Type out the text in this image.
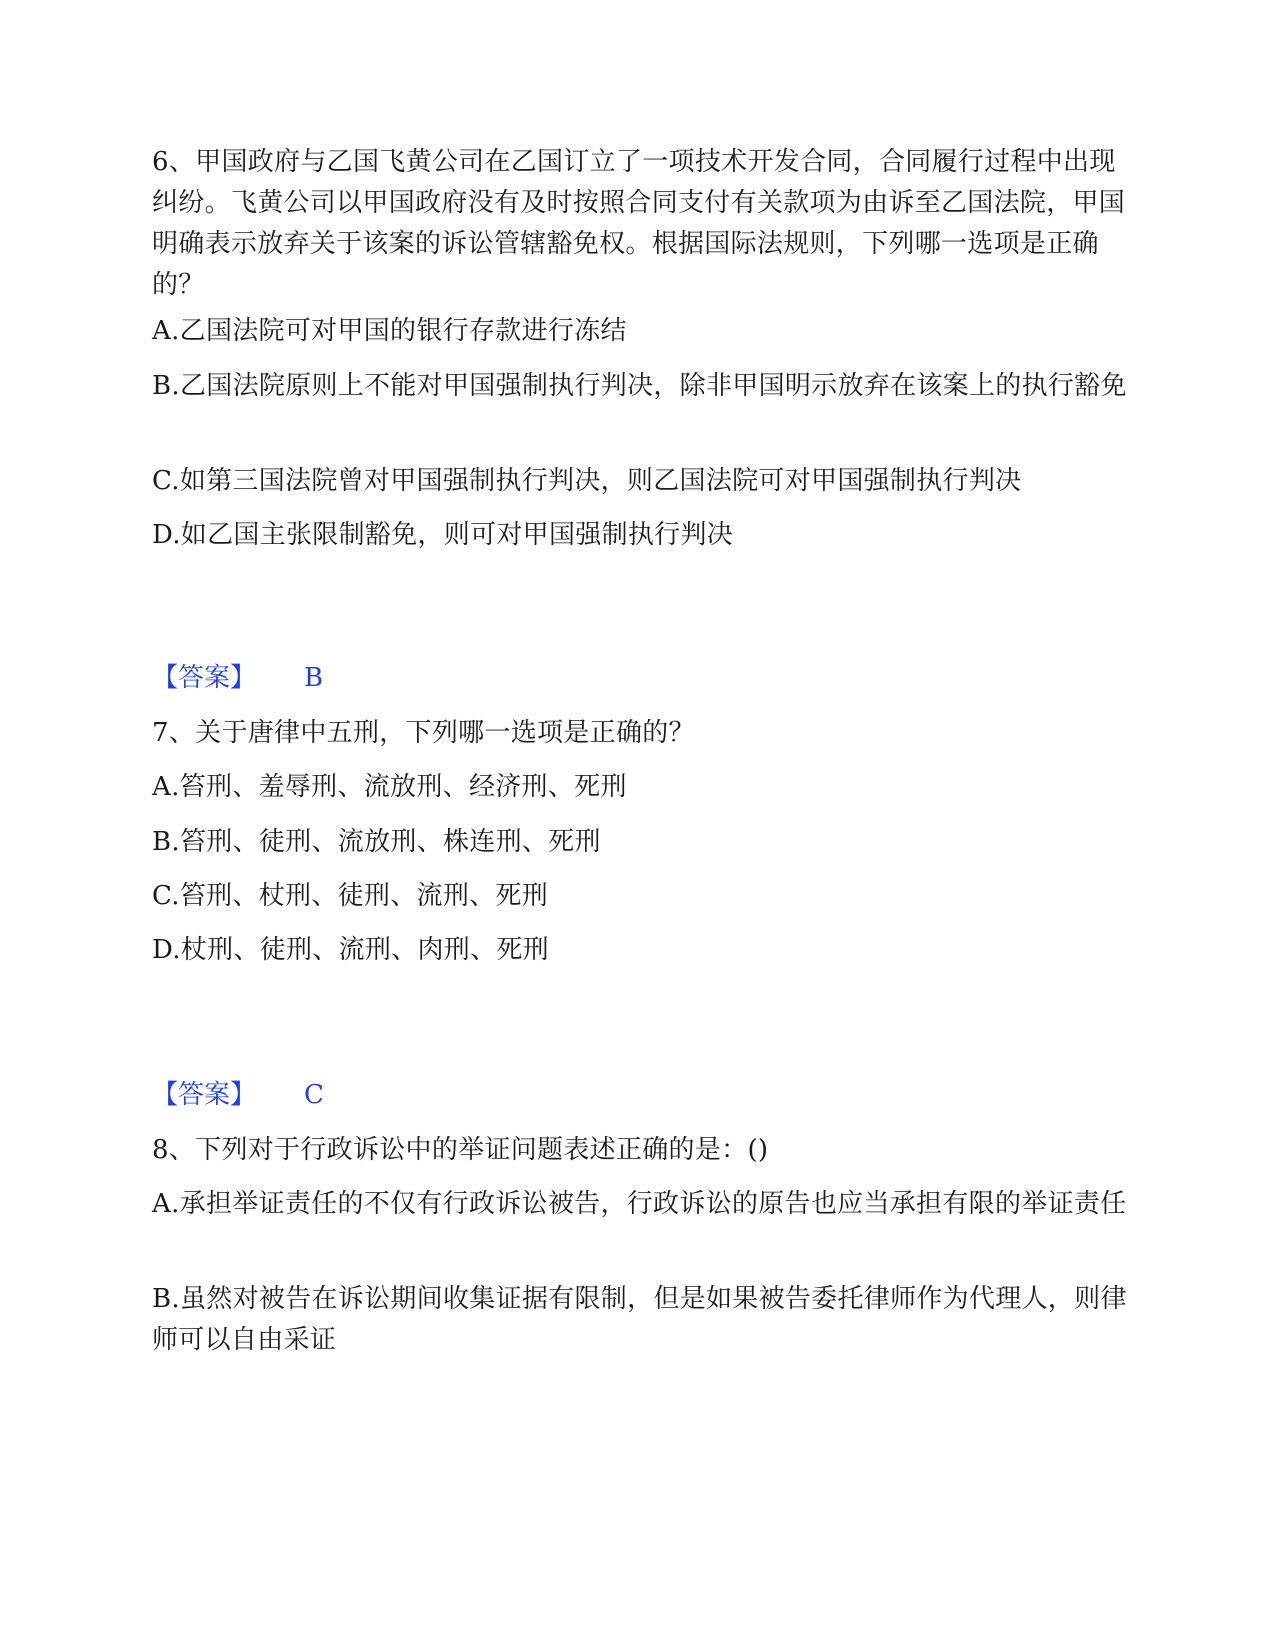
6、甲国政府与乙国飞黄公司在乙国订立了一项技术开发合同，合同履行过程中出现纠纷。飞黄公司以甲国政府没有及时按照合同支付有关款项为由诉至乙国法院，甲国明确表示放弃关于该案的诉讼管辖豁免权。根据国际法规则，下列哪一选项是正确的？

A.乙国法院可对甲国的银行存款进行冻结

B.乙国法院原则上不能对甲国强制执行判决，除非甲国明示放弃在该案上的执行豁免

C.如第三国法院曾对甲国强制执行判决，则乙国法院可对甲国强制执行判决

D.如乙国主张限制豁免，则可对甲国强制执行判决

【答案】 B

7、关于唐律中五刑，下列哪一选项是正确的？

A.笞刑、羞辱刑、流放刑、经济刑、死刑

B.笞刑、徒刑、流放刑、株连刑、死刑

C.笞刑、杖刑、徒刑、流刑、死刑

D.杖刑、徒刑、流刑、肉刑、死刑

【答案】 C

8、下列对于行政诉讼中的举证问题表述正确的是：()

A.承担举证责任的不仅有行政诉讼被告，行政诉讼的原告也应当承担有限的举证责任

B.虽然对被告在诉讼期间收集证据有限制，但是如果被告委托律师作为代理人，则律师可以自由采证
